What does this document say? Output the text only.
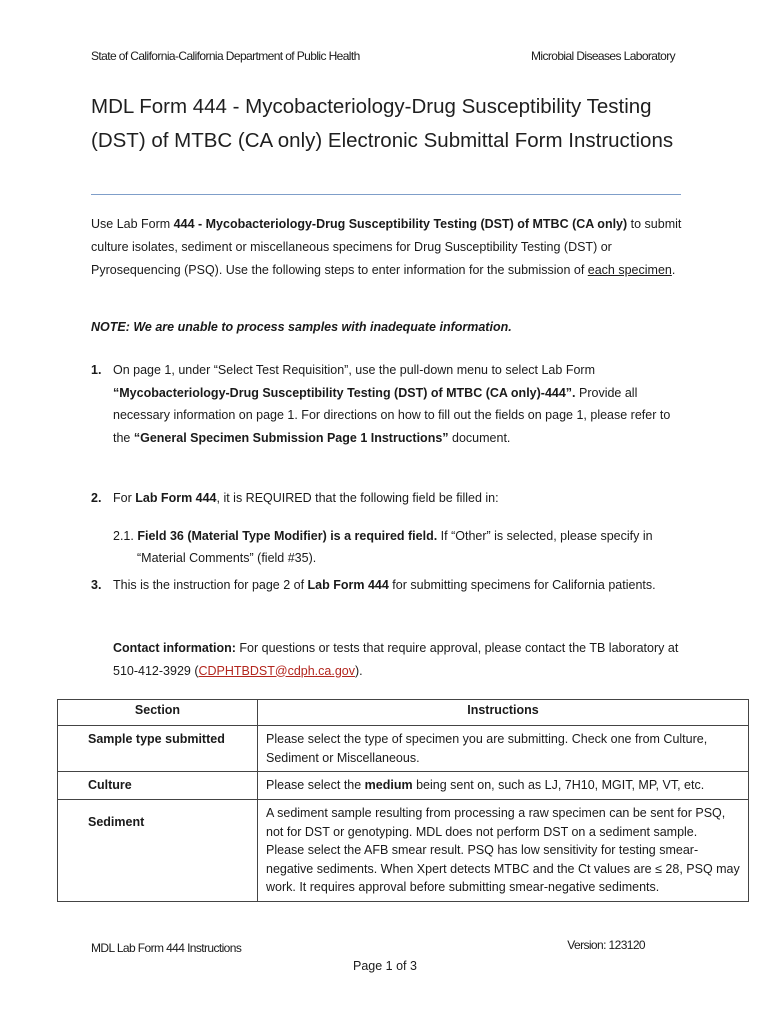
State of California-California Department of Public Health	Microbial Diseases Laboratory
MDL Form 444 - Mycobacteriology-Drug Susceptibility Testing (DST) of MTBC (CA only) Electronic Submittal Form Instructions
Use Lab Form 444 - Mycobacteriology-Drug Susceptibility Testing (DST) of MTBC (CA only) to submit culture isolates, sediment or miscellaneous specimens for Drug Susceptibility Testing (DST) or Pyrosequencing (PSQ). Use the following steps to enter information for the submission of each specimen.
NOTE: We are unable to process samples with inadequate information.
1. On page 1, under “Select Test Requisition”, use the pull-down menu to select Lab Form “Mycobacteriology-Drug Susceptibility Testing (DST) of MTBC (CA only)-444”. Provide all necessary information on page 1. For directions on how to fill out the fields on page 1, please refer to the “General Specimen Submission Page 1 Instructions” document.
2. For Lab Form 444, it is REQUIRED that the following field be filled in:
2.1. Field 36 (Material Type Modifier) is a required field. If “Other” is selected, please specify in “Material Comments” (field #35).
3. This is the instruction for page 2 of Lab Form 444 for submitting specimens for California patients.
Contact information: For questions or tests that require approval, please contact the TB laboratory at 510-412-3929 (CDPHTBDST@cdph.ca.gov).
Section	Instructions
Sample type submitted	Please select the type of specimen you are submitting. Check one from Culture, Sediment or Miscellaneous.

Culture	Please select the medium being sent on, such as LJ, 7H10, MGIT, MP, VT, etc.
Sediment	A sediment sample resulting from processing a raw specimen can be sent for PSQ, not for DST or genotyping. MDL does not perform DST on a sediment sample.
Please select the AFB smear result. PSQ has low sensitivity for testing smear-negative sediments. When Xpert detects MTBC and the Ct values are ≤ 28, PSQ may work. It requires approval before submitting smear-negative sediments.
MDL Lab Form 444 Instructions	Version: 123120
Page 1 of 3
